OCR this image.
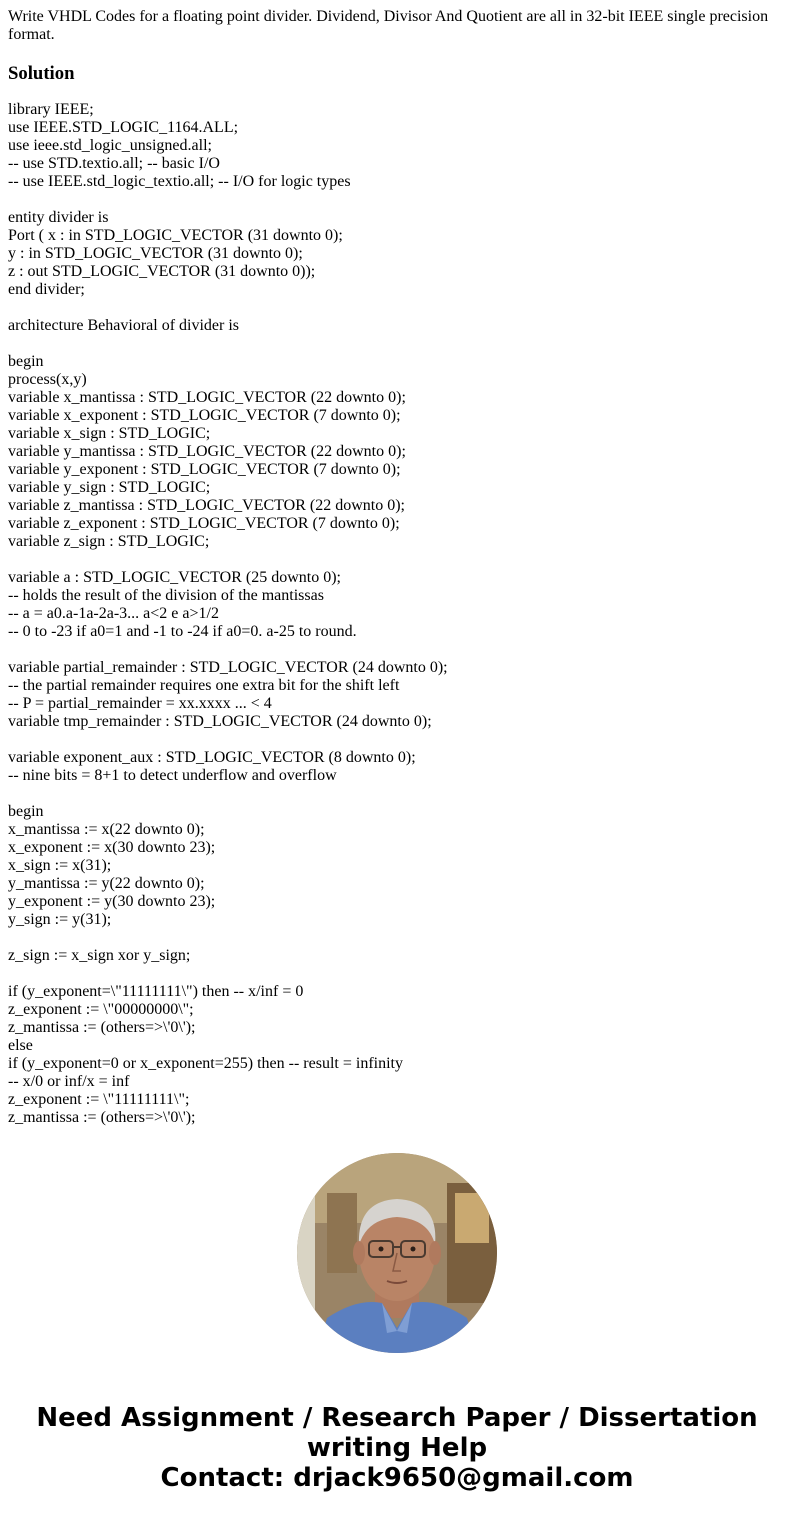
Write VHDL Codes for a floating point divider. Dividend, Divisor And Quotient are all in 32-bit IEEE single precision format.

Solution
library IEEE;
use IEEE.STD_LOGIC_1164.ALL;
use ieee.std_logic_unsigned.all;
-- use STD.textio.all; -- basic I/O
-- use IEEE.std_logic_textio.all; -- I/O for logic types
entity divider is
Port ( x : in STD_LOGIC_VECTOR (31 downto 0);
y : in STD_LOGIC_VECTOR (31 downto 0);
z : out STD_LOGIC_VECTOR (31 downto 0));
end divider;
architecture Behavioral of divider is
begin
process(x,y)
variable x_mantissa : STD_LOGIC_VECTOR (22 downto 0);
variable x_exponent : STD_LOGIC_VECTOR (7 downto 0);
variable x_sign : STD_LOGIC;
variable y_mantissa : STD_LOGIC_VECTOR (22 downto 0);
variable y_exponent : STD_LOGIC_VECTOR (7 downto 0);
variable y_sign : STD_LOGIC;
variable z_mantissa : STD_LOGIC_VECTOR (22 downto 0);
variable z_exponent : STD_LOGIC_VECTOR (7 downto 0);
variable z_sign : STD_LOGIC;
variable a : STD_LOGIC_VECTOR (25 downto 0);
-- holds the result of the division of the mantissas
-- a = a0.a-1a-2a-3... a<2 e a>1/2
-- 0 to -23 if a0=1 and -1 to -24 if a0=0. a-25 to round.
variable partial_remainder : STD_LOGIC_VECTOR (24 downto 0);
-- the partial remainder requires one extra bit for the shift left
-- P = partial_remainder = xx.xxxx ... < 4
variable tmp_remainder : STD_LOGIC_VECTOR (24 downto 0);
variable exponent_aux : STD_LOGIC_VECTOR (8 downto 0);
-- nine bits = 8+1 to detect underflow and overflow
begin
x_mantissa := x(22 downto 0);
x_exponent := x(30 downto 23);
x_sign := x(31);
y_mantissa := y(22 downto 0);
y_exponent := y(30 downto 23);
y_sign := y(31);
z_sign := x_sign xor y_sign;
if (y_exponent=\"11111111\") then -- x/inf = 0
z_exponent := \"00000000\";
z_mantissa := (others=>\'0\');
else
if (y_exponent=0 or x_exponent=255) then -- result = infinity
-- x/0 or inf/x = inf
z_exponent := \"11111111\";
z_mantissa := (others=>\'0\');
Need Assignment / Research Paper / Dissertation
writing Help
Contact: drjack9650@gmail.com
